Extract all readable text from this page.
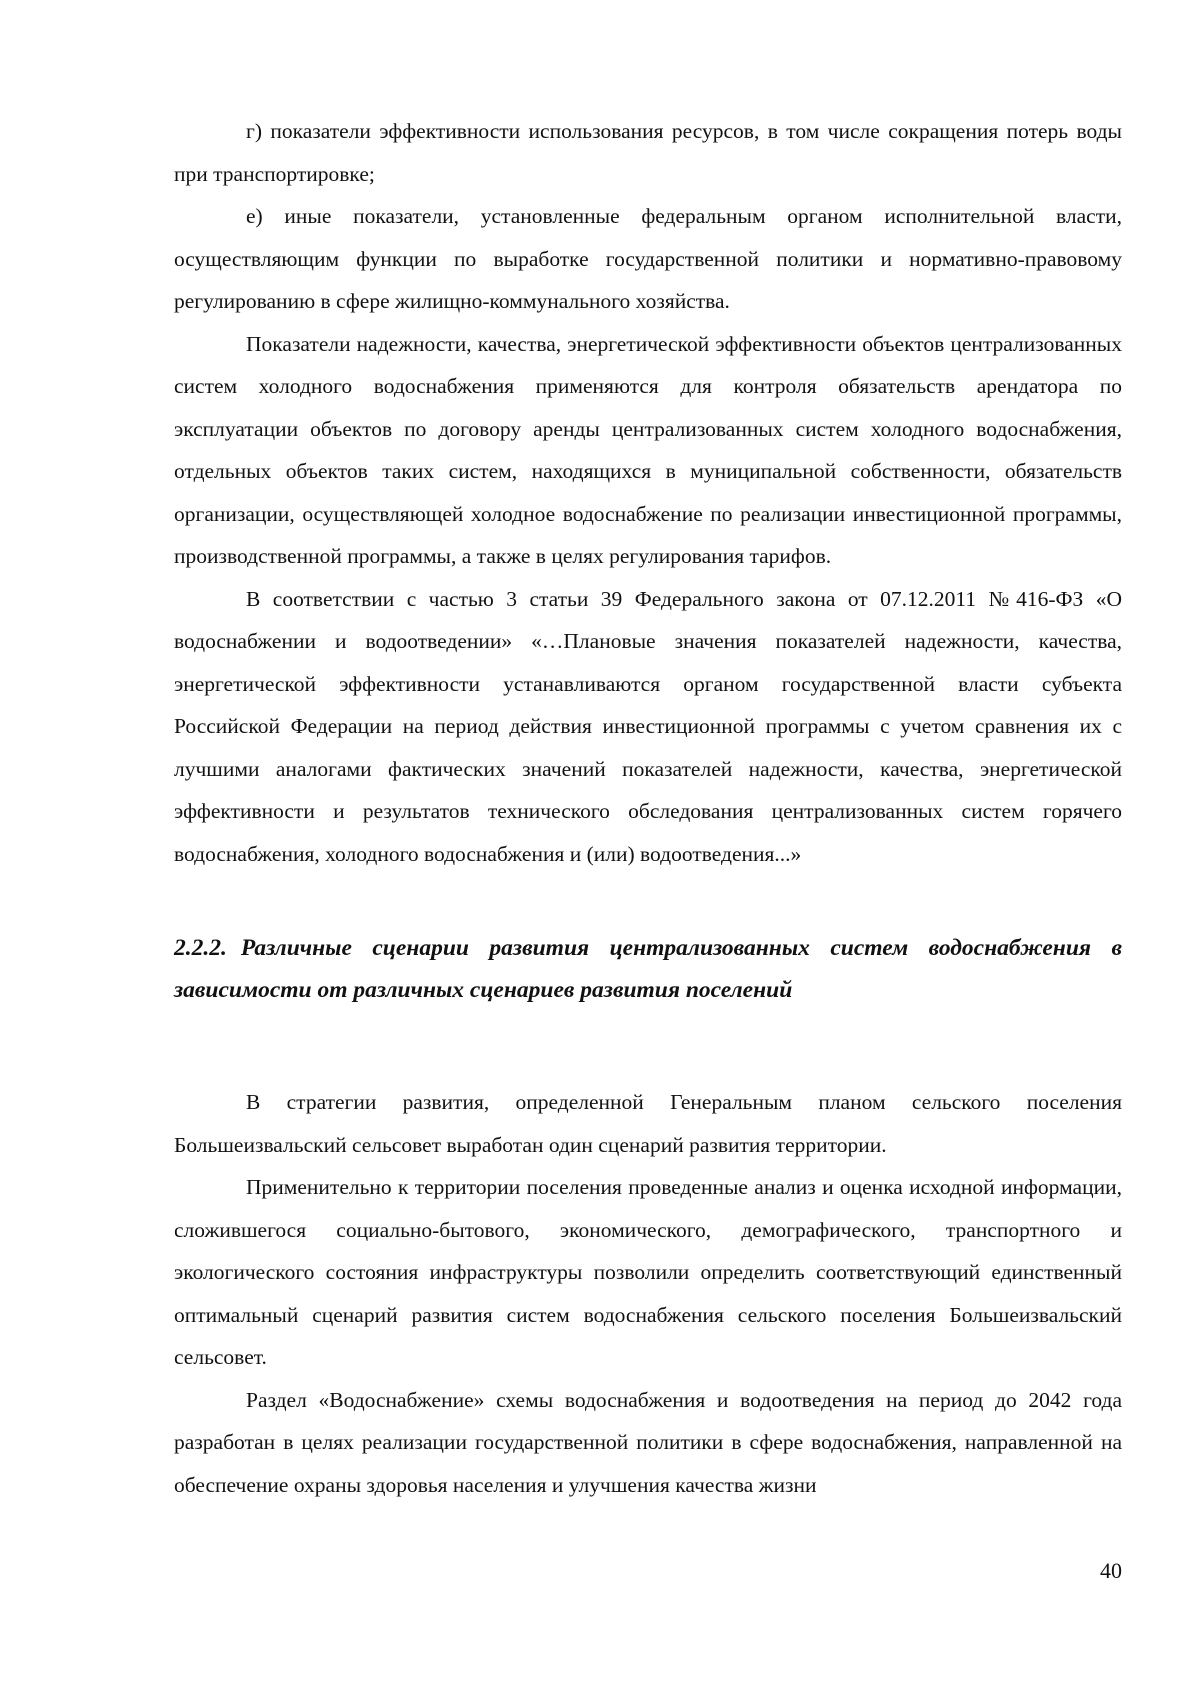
г) показатели эффективности использования ресурсов, в том числе сокращения потерь воды при транспортировке;

е) иные показатели, установленные федеральным органом исполнительной власти, осуществляющим функции по выработке государственной политики и нормативно-правовому регулированию в сфере жилищно-коммунального хозяйства.

Показатели надежности, качества, энергетической эффективности объектов централизованных систем холодного водоснабжения применяются для контроля обязательств арендатора по эксплуатации объектов по договору аренды централизованных систем холодного водоснабжения, отдельных объектов таких систем, находящихся в муниципальной собственности, обязательств организации, осуществляющей холодное водоснабжение по реализации инвестиционной программы, производственной программы, а также в целях регулирования тарифов.

В соответствии с частью 3 статьи 39 Федерального закона от 07.12.2011 №416-ФЗ «О водоснабжении и водоотведении» «…Плановые значения показателей надежности, качества, энергетической эффективности устанавливаются органом государственной власти субъекта Российской Федерации на период действия инвестиционной программы с учетом сравнения их с лучшими аналогами фактических значений показателей надежности, качества, энергетической эффективности и результатов технического обследования централизованных систем горячего водоснабжения, холодного водоснабжения и (или) водоотведения...»

2.2.2. Различные сценарии развития централизованных систем водоснабжения в зависимости от различных сценариев развития поселений

В стратегии развития, определенной Генеральным планом сельского поселения Большеизвальский сельсовет выработан один сценарий развития территории.

Применительно к территории поселения проведенные анализ и оценка исходной информации, сложившегося социально-бытового, экономического, демографического, транспортного и экологического состояния инфраструктуры позволили определить соответствующий единственный оптимальный сценарий развития систем водоснабжения сельского поселения Большеизвальский сельсовет.

Раздел «Водоснабжение» схемы водоснабжения и водоотведения на период до 2042 года разработан в целях реализации государственной политики в сфере водоснабжения, направленной на обеспечение охраны здоровья населения и улучшения качества жизни

40
